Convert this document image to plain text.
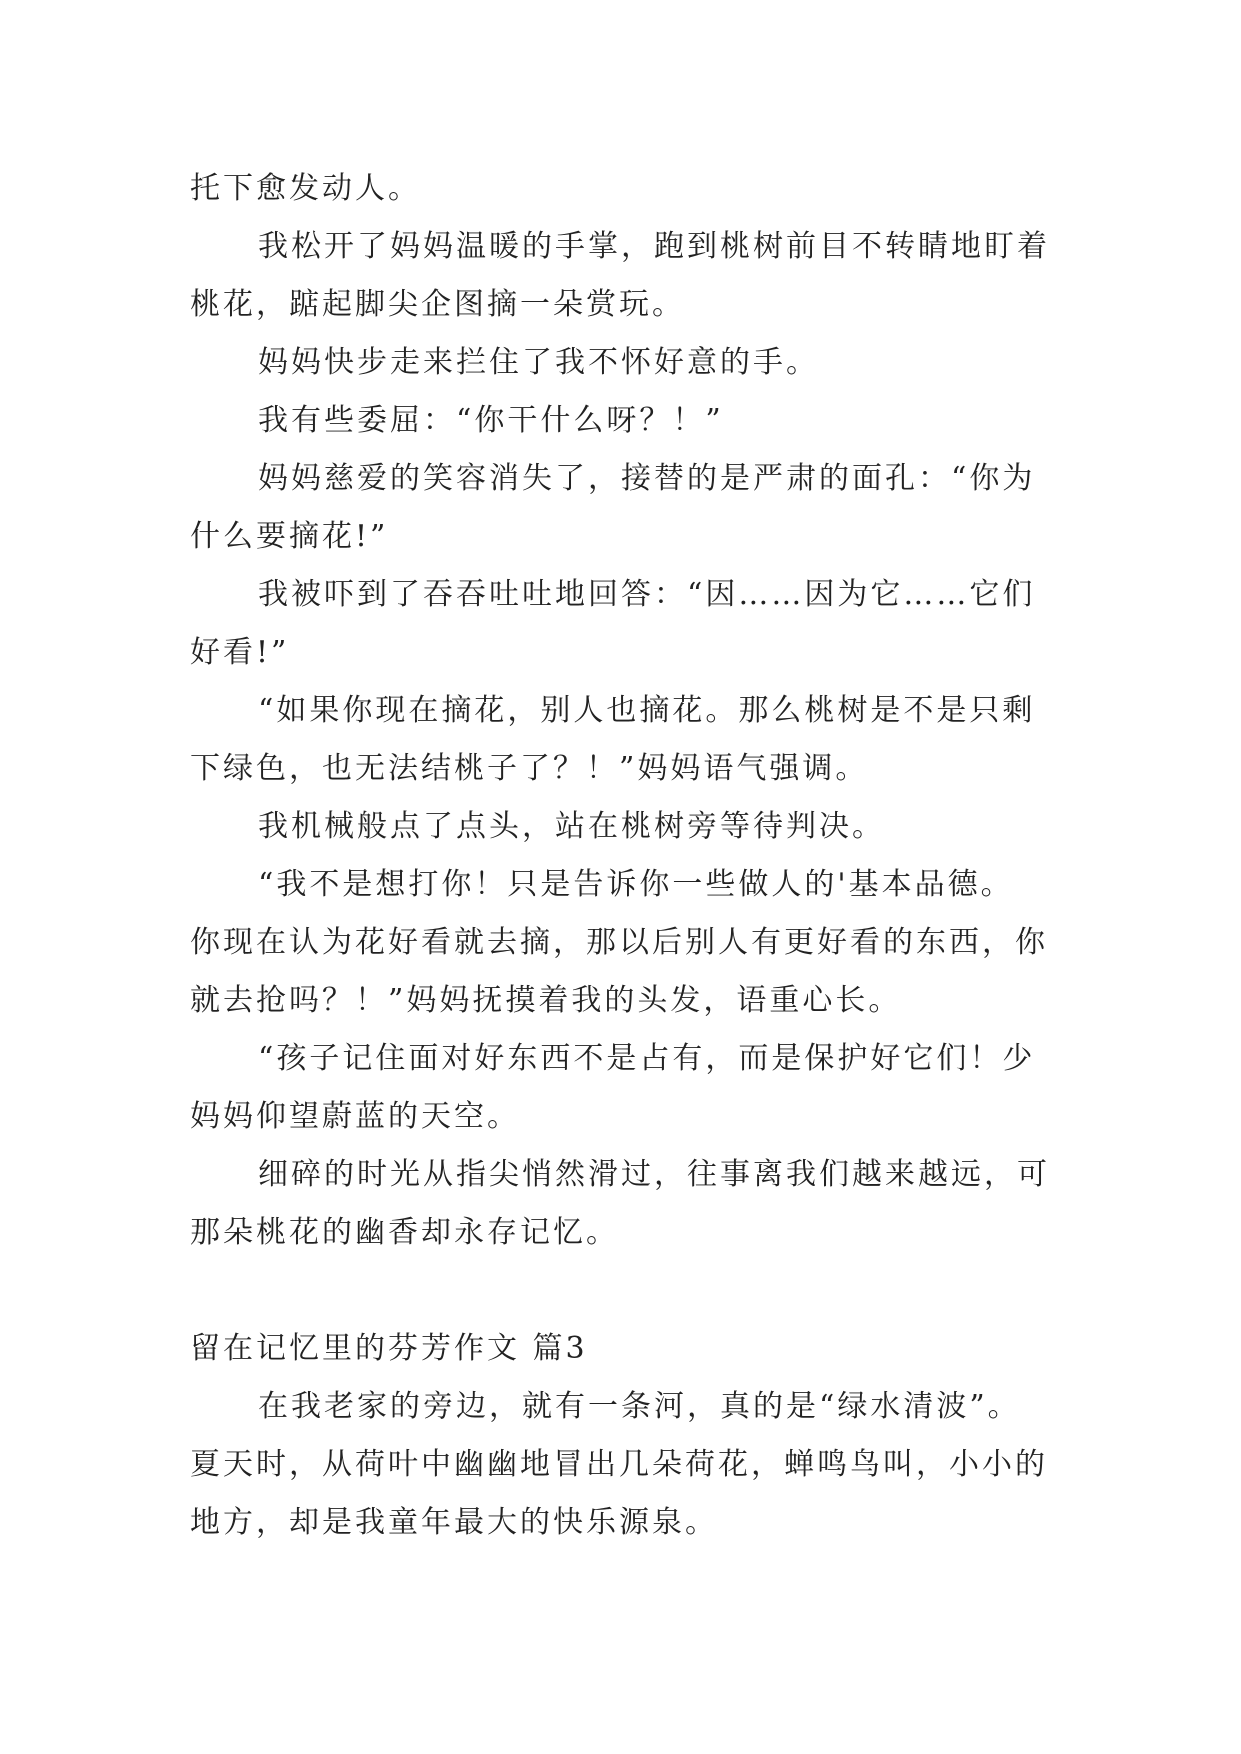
托下愈发动人。
我松开了妈妈温暖的手掌，跑到桃树前目不转睛地盯着
桃花，踮起脚尖企图摘一朵赏玩。
妈妈快步走来拦住了我不怀好意的手。
我有些委屈：“你干什么呀？！”
妈妈慈爱的笑容消失了，接替的是严肃的面孔：“你为
什么要摘花!”
我被吓到了吞吞吐吐地回答：“因……因为它……它们
好看!”
“如果你现在摘花，别人也摘花。那么桃树是不是只剩
下绿色，也无法结桃子了？！”妈妈语气强调。
我机械般点了点头，站在桃树旁等待判决。
“我不是想打你！只是告诉你一些做人的'基本品德。
你现在认为花好看就去摘，那以后别人有更好看的东西，你
就去抢吗？！”妈妈抚摸着我的头发，语重心长。
“孩子记住面对好东西不是占有，而是保护好它们！少
妈妈仰望蔚蓝的天空。
细碎的时光从指尖悄然滑过，往事离我们越来越远，可
那朵桃花的幽香却永存记忆。
留在记忆里的芬芳作文 篇3
在我老家的旁边，就有一条河，真的是“绿水清波”。
夏天时，从荷叶中幽幽地冒出几朵荷花，蝉鸣鸟叫，小小的
地方，却是我童年最大的快乐源泉。
